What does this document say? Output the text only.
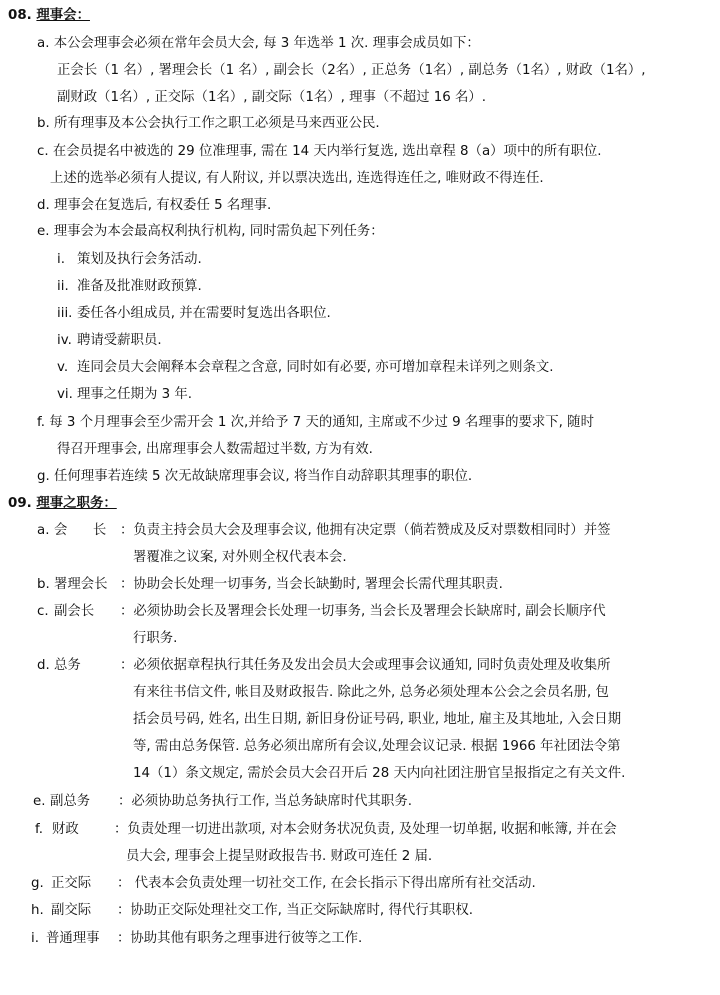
08. 理事会：
a. 本公会理事会必须在常年会员大会, 每 3 年选举 1 次. 理事会成员如下：
正会长（1 名）, 署理会长（1 名）, 副会长（2名）, 正总务（1名）, 副总务（1名）, 财政（1名）,
副财政（1名）, 正交际（1名）, 副交际（1名）, 理事（不超过 16 名）.
b. 所有理事及本公会执行工作之职工必须是马来西亚公民.
c. 在会员提名中被选的 29 位准理事, 需在 14 天内举行复选, 选出章程 8（a）项中的所有职位.
上述的选举必须有人提议, 有人附议, 并以票决选出, 连选得连任之, 唯财政不得连任.
d. 理事会在复选后, 有权委任 5 名理事.
e. 理事会为本会最高权利执行机构, 同时需负起下列任务：
i. 策划及执行会务活动.
ii. 准备及批准财政预算.
iii. 委任各小组成员, 并在需要时复选出各职位.
iv. 聘请受薪职员.
v. 连同会员大会阐释本会章程之含意, 同时如有必要, 亦可增加章程未详列之则条文.
vi. 理事之任期为 3 年.
f. 每 3 个月理事会至少需开会 1 次,并给予 7 天的通知, 主席或不少过 9 名理事的要求下, 随时
得召开理事会, 出席理事会人数需超过半数, 方为有效.
g. 任何理事若连续 5 次无故缺席理事会议, 将当作自动辞职其理事的职位.
09. 理事之职务：
a. 会      长 ：负责主持会员大会及理事会议, 他拥有决定票（倘若赞成及反对票数相同时）并签
署覆准之议案, 对外则全权代表本会.
b. 署理会长 ：协助会长处理一切事务, 当会长缺勤时, 署理会长需代理其职责.
c. 副会长 ：必须协助会长及署理会长处理一切事务, 当会长及署理会长缺席时, 副会长顺序代
行职务.
d. 总务	：必须依据章程执行其任务及发出会员大会或理事会议通知, 同时负责处理及收集所
有来往书信文件, 帐目及财政报告. 除此之外, 总务必须处理本公会之会员名册, 包
括会员号码, 姓名, 出生日期, 新旧身份证号码, 职业, 地址, 雇主及其地址, 入会日期
等, 需由总务保管. 总务必须出席所有会议,处理会议记录. 根据 1966 年社团法令第
14（1）条文规定, 需於会员大会召开后 28 天内向社团注册官呈报指定之有关文件.
e. 副总务 ：必须协助总务执行工作, 当总务缺席时代其职务.
f. 财政	：负责处理一切进出款项, 对本会财务状况负责, 及处理一切单据, 收据和帐簿, 并在会
员大会, 理事会上提呈财政报告书. 财政可连任 2 届.
g. 正交际 ： 代表本会负责处理一切社交工作, 在会长指示下得出席所有社交活动.
h. 副交际 ：协助正交际处理社交工作, 当正交际缺席时, 得代行其职权.
i. 普通理事 ：协助其他有职务之理事进行彼等之工作.
